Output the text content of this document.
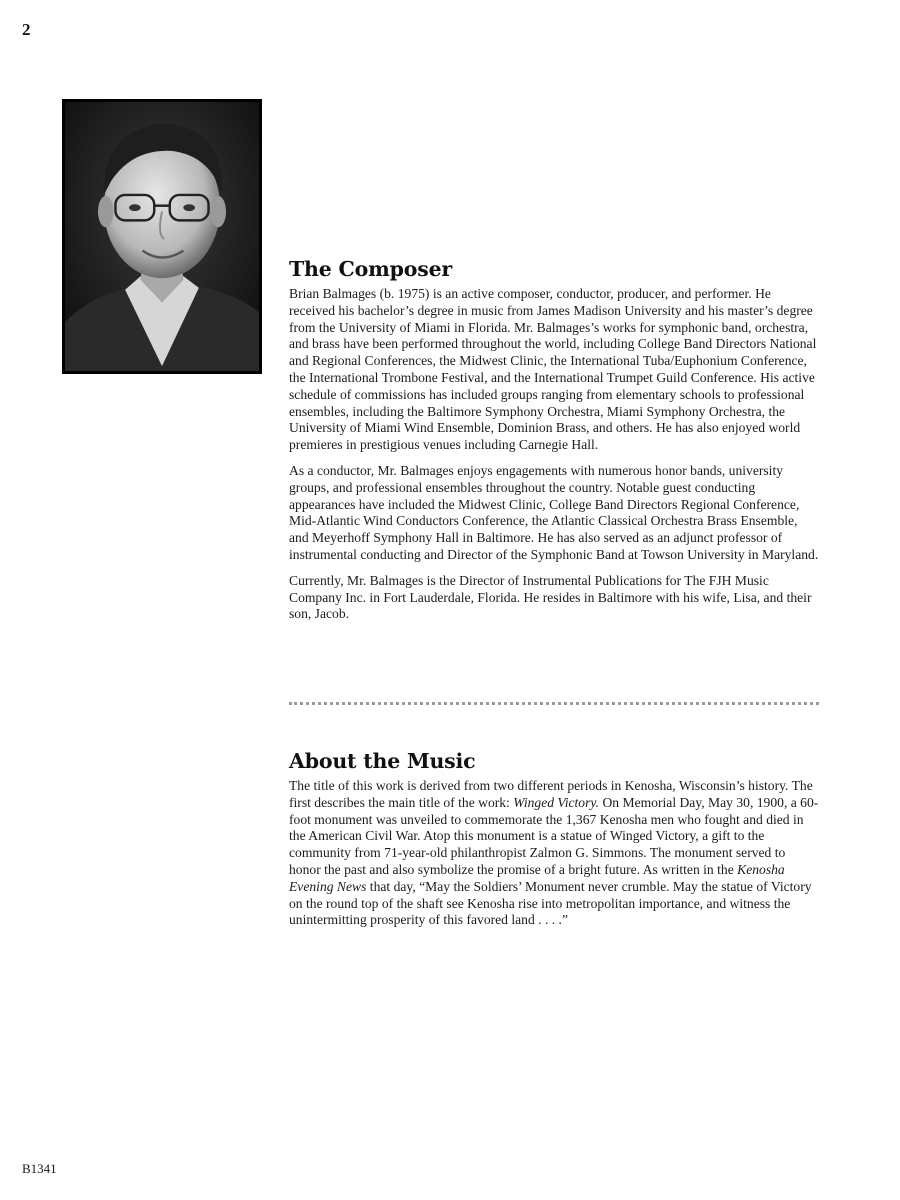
2
The Composer

Brian Balmages (b. 1975) is an active composer, conductor, producer, and performer. He received his bachelor’s degree in music from James Madison University and his master’s degree from the University of Miami in Florida. Mr. Balmages’s works for symphonic band, orchestra, and brass have been performed throughout the world, including College Band Directors National and Regional Conferences, the Midwest Clinic, the International Tuba/Euphonium Conference, the International Trombone Festival, and the International Trumpet Guild Conference. His active schedule of commissions has included groups ranging from elementary schools to professional ensembles, including the Baltimore Symphony Orchestra, Miami Symphony Orchestra, the University of Miami Wind Ensemble, Dominion Brass, and others. He has also enjoyed world premieres in prestigious venues including Carnegie Hall.

As a conductor, Mr. Balmages enjoys engagements with numerous honor bands, university groups, and professional ensembles throughout the country. Notable guest conducting appearances have included the Midwest Clinic, College Band Directors Regional Conference, Mid-Atlantic Wind Conductors Conference, the Atlantic Classical Orchestra Brass Ensemble, and Meyerhoff Symphony Hall in Baltimore. He has also served as an adjunct professor of instrumental conducting and Director of the Symphonic Band at Towson University in Maryland.

Currently, Mr. Balmages is the Director of Instrumental Publications for The FJH Music Company Inc. in Fort Lauderdale, Florida. He resides in Baltimore with his wife, Lisa, and their son, Jacob.

About the Music

The title of this work is derived from two different periods in Kenosha, Wisconsin’s history. The first describes the main title of the work: Winged Victory. On Memorial Day, May 30, 1900, a 60-foot monument was unveiled to commemorate the 1,367 Kenosha men who fought and died in the American Civil War. Atop this monument is a statue of Winged Victory, a gift to the community from 71-year-old philanthropist Zalmon G. Simmons. The monument served to honor the past and also symbolize the promise of a bright future. As written in the Kenosha Evening News that day, “May the Soldiers’ Monument never crumble. May the statue of Victory on the round top of the shaft see Kenosha rise into metropolitan importance, and witness the unintermitting prosperity of this favored land . . . .”

B1341
